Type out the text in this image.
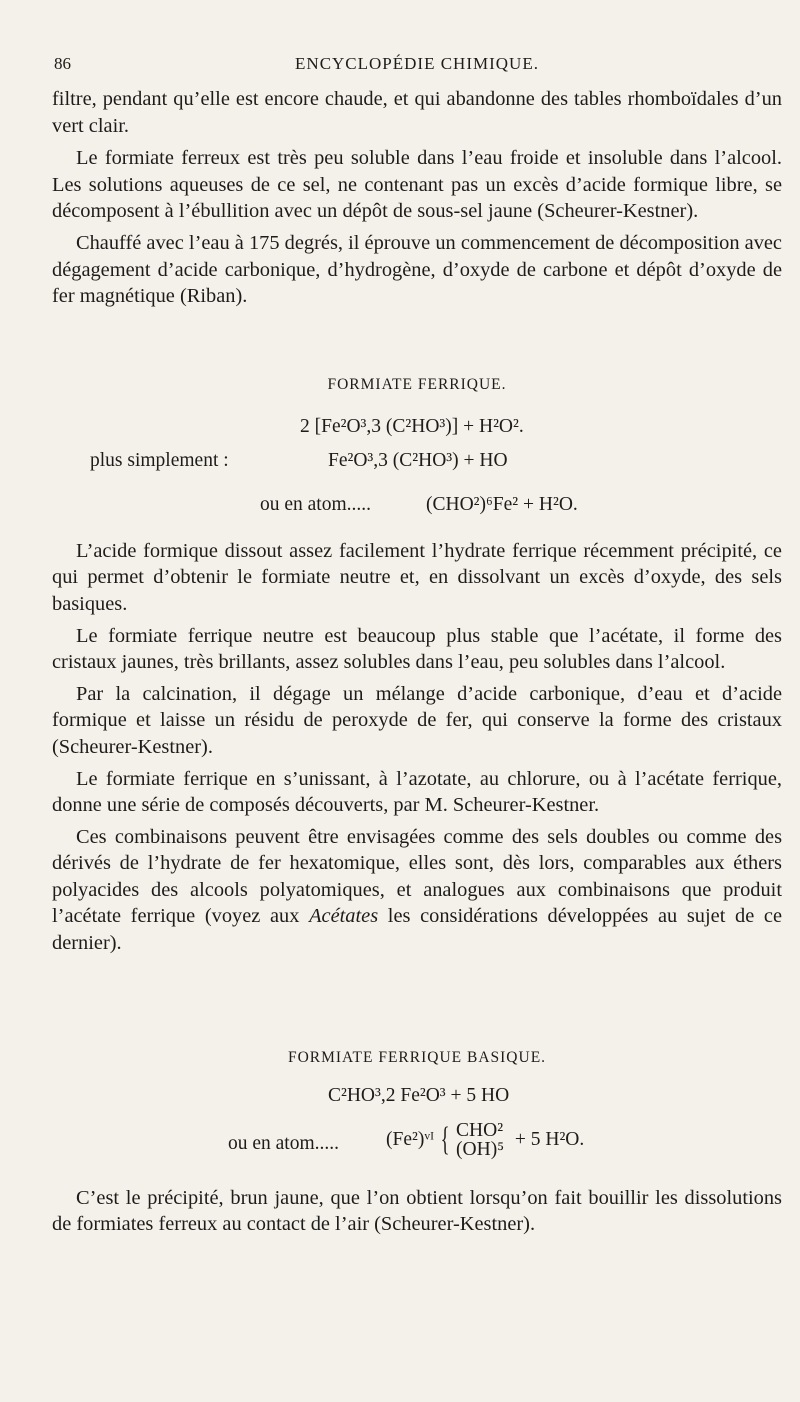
86	ENCYCLOPÉDIE CHIMIQUE.

filtre, pendant qu’elle est encore chaude, et qui abandonne des tables rhomboïdales d’un vert clair.

Le formiate ferreux est très peu soluble dans l’eau froide et insoluble dans l’alcool. Les solutions aqueuses de ce sel, ne contenant pas un excès d’acide formique libre, se décomposent à l’ébullition avec un dépôt de sous-sel jaune (Scheurer-Kestner).

Chauffé avec l’eau à 175 degrés, il éprouve un commencement de décomposition avec dégagement d’acide carbonique, d’hydrogène, d’oxyde de carbone et dépôt d’oxyde de fer magnétique (Riban).

FORMIATE FERRIQUE.
2 [Fe²O³,3 (C²HO³)] + H²O².
plus simplement :	Fe²O³,3 (C²HO³) + HO
ou en atom.....	(CHO²)⁶Fe² + H²O.

L’acide formique dissout assez facilement l’hydrate ferrique récemment précipité, ce qui permet d’obtenir le formiate neutre et, en dissolvant un excès d’oxyde, des sels basiques.

Le formiate ferrique neutre est beaucoup plus stable que l’acétate, il forme des cristaux jaunes, très brillants, assez solubles dans l’eau, peu solubles dans l’alcool.

Par la calcination, il dégage un mélange d’acide carbonique, d’eau et d’acide formique et laisse un résidu de peroxyde de fer, qui conserve la forme des cristaux (Scheurer-Kestner).

Le formiate ferrique en s’unissant, à l’azotate, au chlorure, ou à l’acétate ferrique, donne une série de composés découverts, par M. Scheurer-Kestner.

Ces combinaisons peuvent être envisagées comme des sels doubles ou comme des dérivés de l’hydrate de fer hexatomique, elles sont, dès lors, comparables aux éthers polyacides des alcools polyatomiques, et analogues aux combinaisons que produit l’acétate ferrique (voyez aux Acétates les considérations développées au sujet de ce dernier).

FORMIATE FERRIQUE BASIQUE.
C²HO³,2 Fe²O³ + 5 HO
ou en atom..... (Fe²)ᵛᴵ { CHO²
(OH)⁵ + 5 H²O.

C’est le précipité, brun jaune, que l’on obtient lorsqu’on fait bouillir les dissolutions de formiates ferreux au contact de l’air (Scheurer-Kestner).
